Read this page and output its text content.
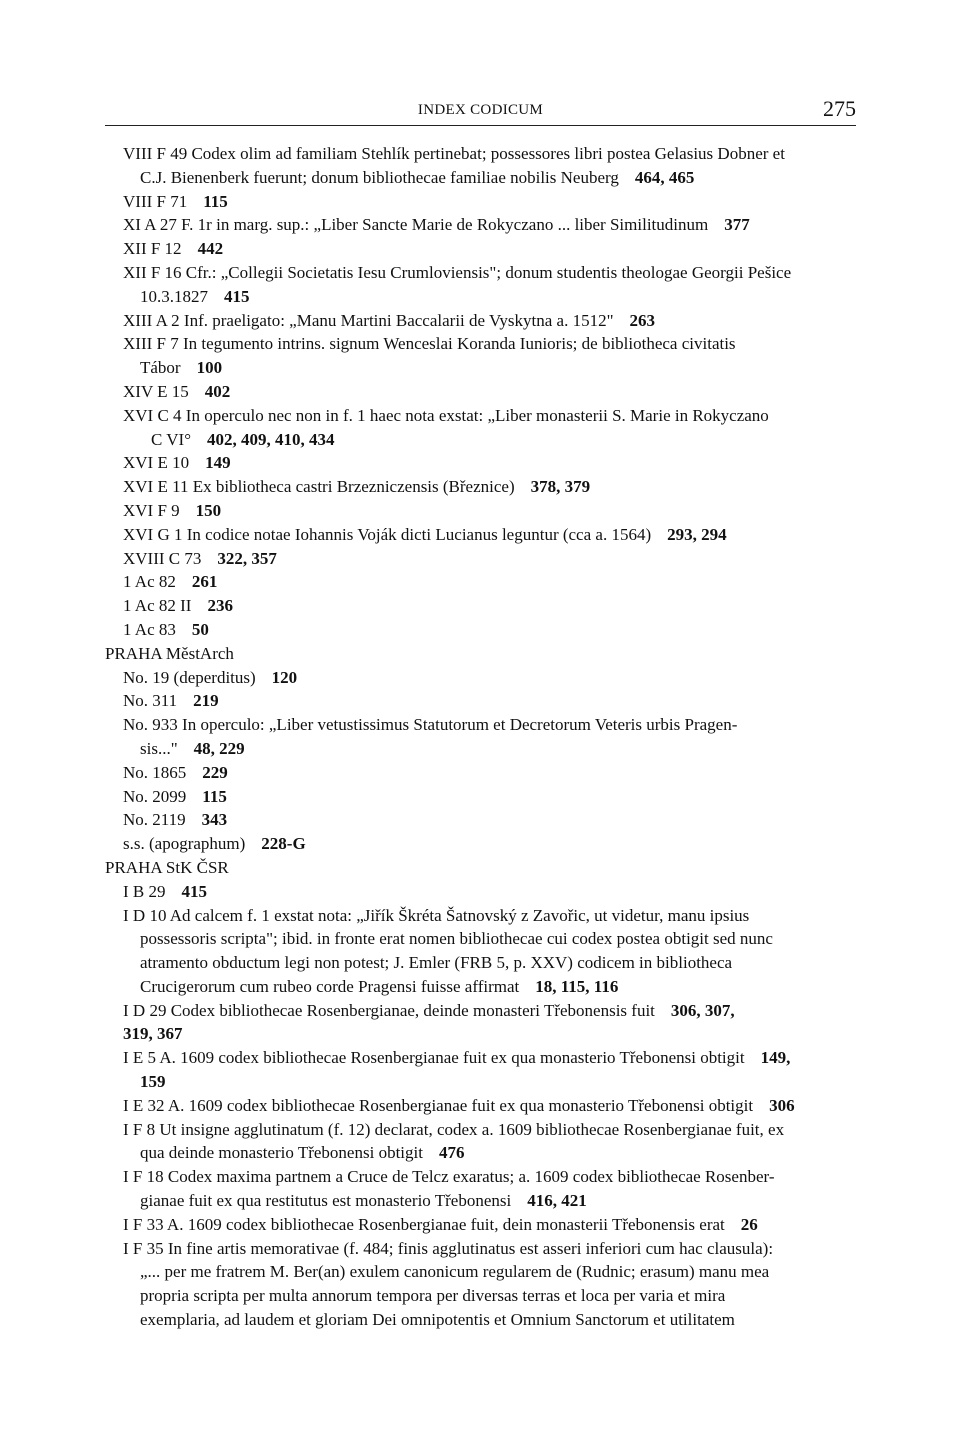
INDEX CODICUM	275
VIII F 49 Codex olim ad familiam Stehlík pertinebat; possessores libri postea Gelasius Dobner et
C.J. Bienenberk fuerunt; donum bibliothecae familiae nobilis Neuberg 464, 465
VIII F 71 115
XI A 27 F. 1r in marg. sup.: „Liber Sancte Marie de Rokyczano ... liber Similitudinum 377
XII F 12 442
XII F 16 Cfr.: „Collegii Societatis Iesu Crumloviensis"; donum studentis theologae Georgii Pešice
10.3.1827 415
XIII A 2 Inf. praeligato: „Manu Martini Baccalarii de Vyskytna a. 1512" 263
XIII F 7 In tegumento intrins. signum Wenceslai Koranda Iunioris; de bibliotheca civitatis
Tábor 100
XIV E 15 402
XVI C 4 In operculo nec non in f. 1 haec nota exstat: „Liber monasterii S. Marie in Rokyczano
C VI° 402, 409, 410, 434
XVI E 10 149
XVI E 11 Ex bibliotheca castri Brzezniczensis (Březnice) 378, 379
XVI F 9 150
XVI G 1 In codice notae Iohannis Voják dicti Lucianus leguntur (cca a. 1564) 293, 294
XVIII C 73 322, 357
1 Ac 82 261
1 Ac 82 II 236
1 Ac 83 50
PRAHA MěstArch
No. 19 (deperditus) 120
No. 311 219
No. 933 In operculo: „Liber vetustissimus Statutorum et Decretorum Veteris urbis Pragen-
sis..." 48, 229
No. 1865 229
No. 2099 115
No. 2119 343
s.s. (apographum) 228-G
PRAHA StK ČSR
I B 29 415
I D 10 Ad calcem f. 1 exstat nota: „Jiřík Škréta Šatnovský z Zavořic, ut videtur, manu ipsius
possessoris scripta"; ibid. in fronte erat nomen bibliothecae cui codex postea obtigit sed nunc
atramento obductum legi non potest; J. Emler (FRB 5, p. XXV) codicem in bibliotheca
Crucigerorum cum rubeo corde Pragensi fuisse affirmat 18, 115, 116
I D 29 Codex bibliothecae Rosenbergianae, deinde monasteri Třebonensis fuit 306, 307,
319, 367
I E 5 A. 1609 codex bibliothecae Rosenbergianae fuit ex qua monasterio Třebonensi obtigit 149,
159
I E 32 A. 1609 codex bibliothecae Rosenbergianae fuit ex qua monasterio Třebonensi obtigit 306
I F 8 Ut insigne agglutinatum (f. 12) declarat, codex a. 1609 bibliothecae Rosenbergianae fuit, ex
qua deinde monasterio Třebonensi obtigit 476
I F 18 Codex maxima partnem a Cruce de Telcz exaratus; a. 1609 codex bibliothecae Rosenber-
gianae fuit ex qua restitutus est monasterio Třebonensi 416, 421
I F 33 A. 1609 codex bibliothecae Rosenbergianae fuit, dein monasterii Třebonensis erat 26
I F 35 In fine artis memorativae (f. 484; finis agglutinatus est asseri inferiori cum hac clausula):
„... per me fratrem M. Ber(an) exulem canonicum regularem de (Rudnic; erasum) manu mea
propria scripta per multa annorum tempora per diversas terras et loca per varia et mira
exemplaria, ad laudem et gloriam Dei omnipotentis et Omnium Sanctorum et utilitatem
